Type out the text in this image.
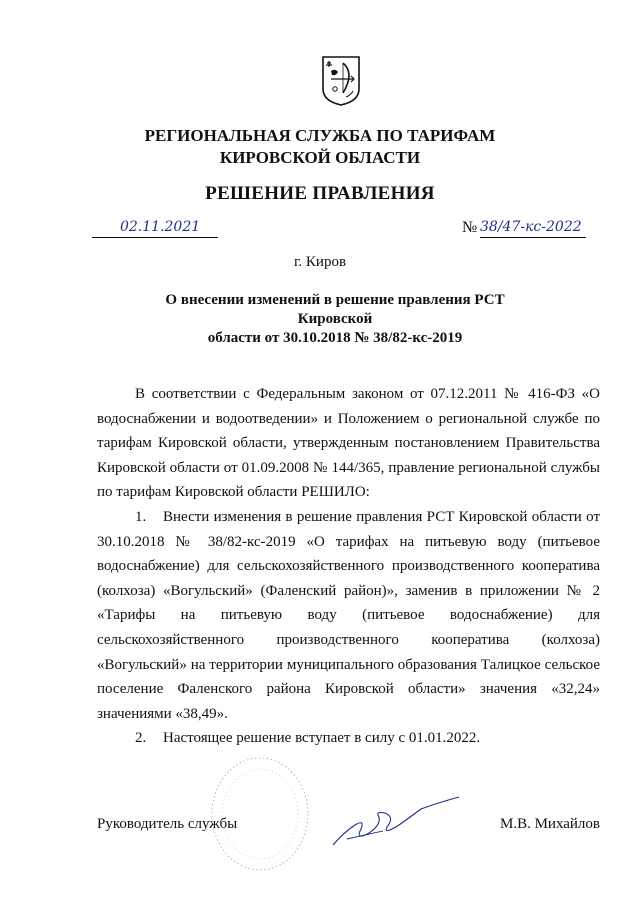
РЕГИОНАЛЬНАЯ СЛУЖБА ПО ТАРИФАМ
КИРОВСКОЙ ОБЛАСТИ
РЕШЕНИЕ ПРАВЛЕНИЯ
02.11.2021	№ 38/47-кс-2022
г. Киров
О внесении изменений в решение правления РСТ Кировской
области от 30.10.2018 № 38/82-кс-2019

В соответствии с Федеральным законом от 07.12.2011 № 416-ФЗ «О водоснабжении и водоотведении» и Положением о региональной службе по тарифам Кировской области, утвержденным постановлением Правительства Кировской области от 01.09.2008 № 144/365, правление региональной службы по тарифам Кировской области РЕШИЛО:

1. Внести изменения в решение правления РСТ Кировской области от 30.10.2018 № 38/82-кс-2019 «О тарифах на питьевую воду (питьевое водоснабжение) для сельскохозяйственного производственного кооператива (колхоза) «Вогульский» (Фаленский район)», заменив в приложении № 2 «Тарифы на питьевую воду (питьевое водоснабжение) для сельскохозяйственного производственного кооператива (колхоза) «Вогульский» на территории муниципального образования Талицкое сельское поселение Фаленского района Кировской области» значения «32,24» значениями «38,49».

2. Настоящее решение вступает в силу с 01.01.2022.

Руководитель службы	М.В. Михайлов
